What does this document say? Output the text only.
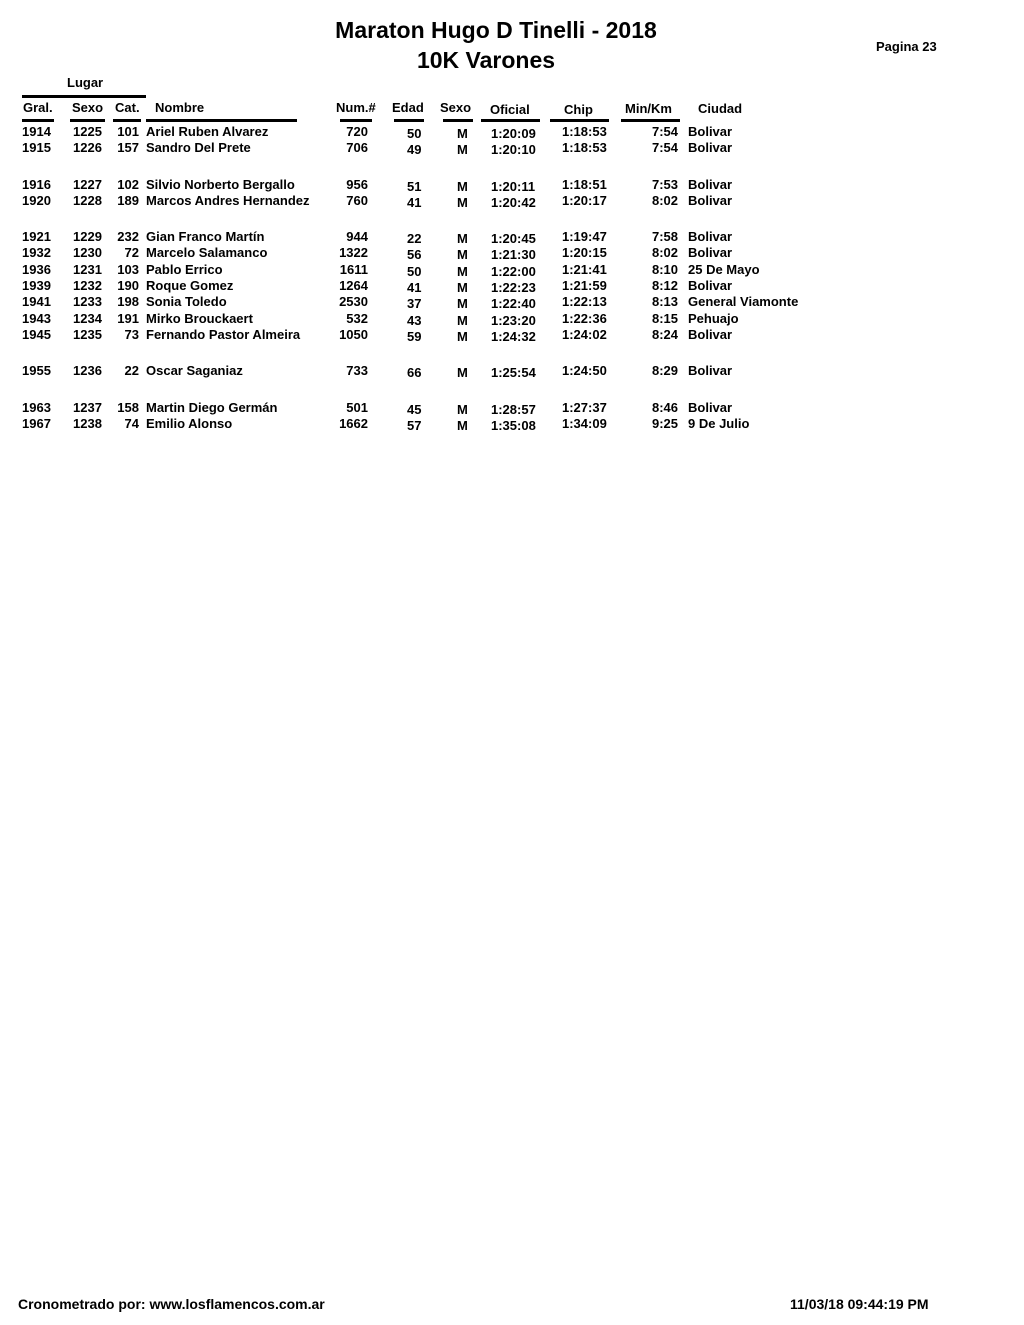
Maraton Hugo D Tinelli - 2018
10K Varones
Pagina 23
Lugar
Gral. Sexo Cat. Nombre	Num.# Edad Sexo Oficial	Chip Min/Km Ciudad
1914 1225 101 Ariel Ruben Alvarez	720	50	M 1:20:09 1:18:53	7:54 Bolivar
1915 1226 157 Sandro Del Prete	706	49	M 1:20:10 1:18:53	7:54 Bolivar
1916 1227 102 Silvio Norberto Bergallo	956	51	M 1:20:11 1:18:51	7:53 Bolivar
1920 1228 189 Marcos Andres Hernandez	760	41	M 1:20:42 1:20:17	8:02 Bolivar
1921 1229 232 Gian Franco Martín	944	22	M 1:20:45 1:19:47	7:58 Bolivar
1932 1230 72 Marcelo Salamanco	1322	56	M 1:21:30 1:20:15	8:02 Bolivar
1936 1231 103 Pablo Errico	1611	50	M 1:22:00 1:21:41	8:10 25 De Mayo
1939 1232 190 Roque Gomez	1264	41	M 1:22:23 1:21:59	8:12 Bolivar
1941 1233 198 Sonia Toledo	2530	37	M 1:22:40 1:22:13	8:13 General Viamonte
1943 1234 191 Mirko Brouckaert	532	43	M 1:23:20 1:22:36	8:15 Pehuajo
1945 1235 73 Fernando Pastor Almeira	1050	59	M 1:24:32 1:24:02	8:24 Bolivar
1955 1236 22 Oscar Saganiaz	733	66	M 1:25:54 1:24:50	8:29 Bolivar
1963 1237 158 Martin Diego Germán	501	45	M 1:28:57 1:27:37	8:46 Bolivar
1967 1238 74 Emilio Alonso	1662	57	M 1:35:08 1:34:09	9:25 9 De Julio
Cronometrado por: www.losflamencos.com.ar	11/03/18 09:44:19 PM
